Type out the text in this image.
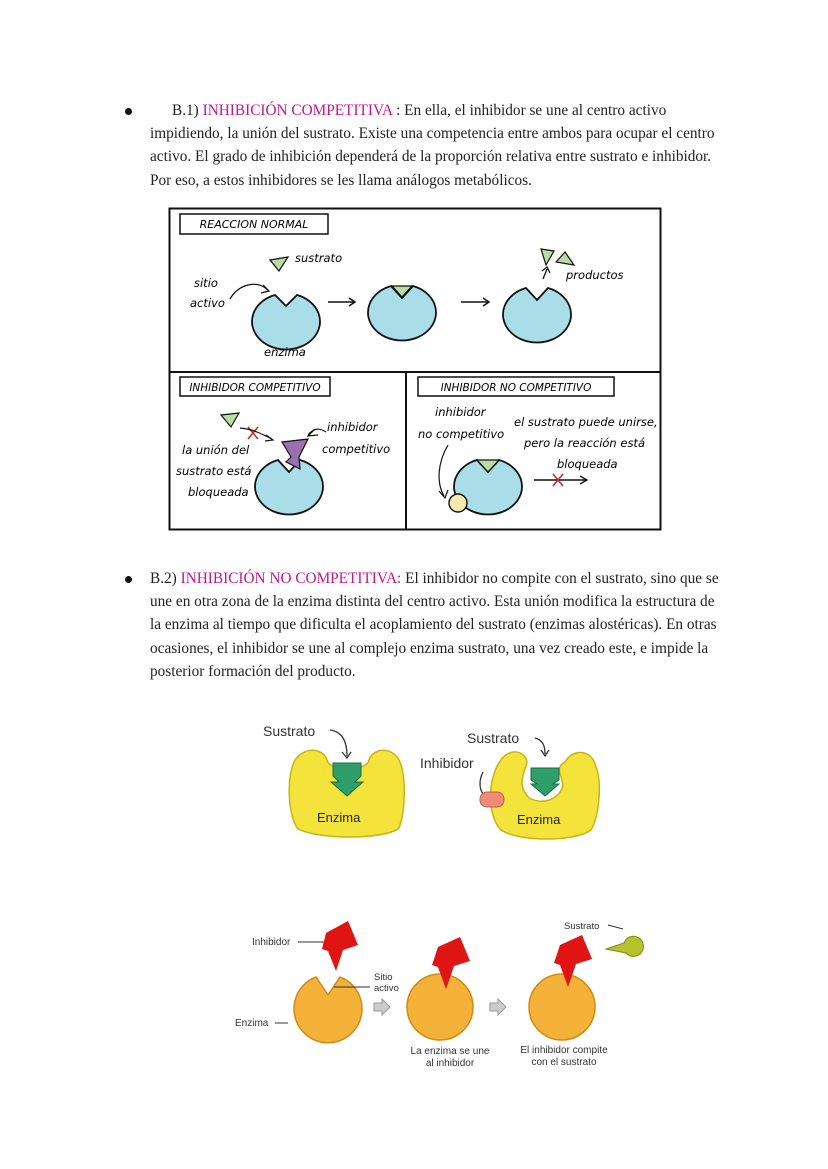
B.1) INHIBICIÓN COMPETITIVA : En ella, el inhibidor se une al centro activo impidiendo, la unión del sustrato. Existe una competencia entre ambos para ocupar el centro activo. El grado de inhibición dependerá de la proporción relativa entre sustrato e inhibidor. Por eso, a estos inhibidores se les llama análogos metabólicos.
REACCION NORMAL
sustrato
sitio
activo
enzima
productos
INHIBIDOR COMPETITIVO
inhibidor
competitivo
la unión del
sustrato está
bloqueada
INHIBIDOR NO COMPETITIVO
inhibidor
no competitivo
el sustrato puede unirse,
pero la reacción está
bloqueada
B.2) INHIBICIÓN NO COMPETITIVA: El inhibidor no compite con el sustrato, sino que se une en otra zona de la enzima distinta del centro activo. Esta unión modifica la estructura de la enzima al tiempo que dificulta el acoplamiento del sustrato (enzimas alostéricas). En otras ocasiones, el inhibidor se une al complejo enzima sustrato, una vez creado este, e impide la posterior formación del producto.
Sustrato
Enzima
Sustrato
Inhibidor
Enzima
Inhibidor
Enzima
Sitio
activo
La enzima se une
al inhibidor
Sustrato
El inhibidor compite
con el sustrato
